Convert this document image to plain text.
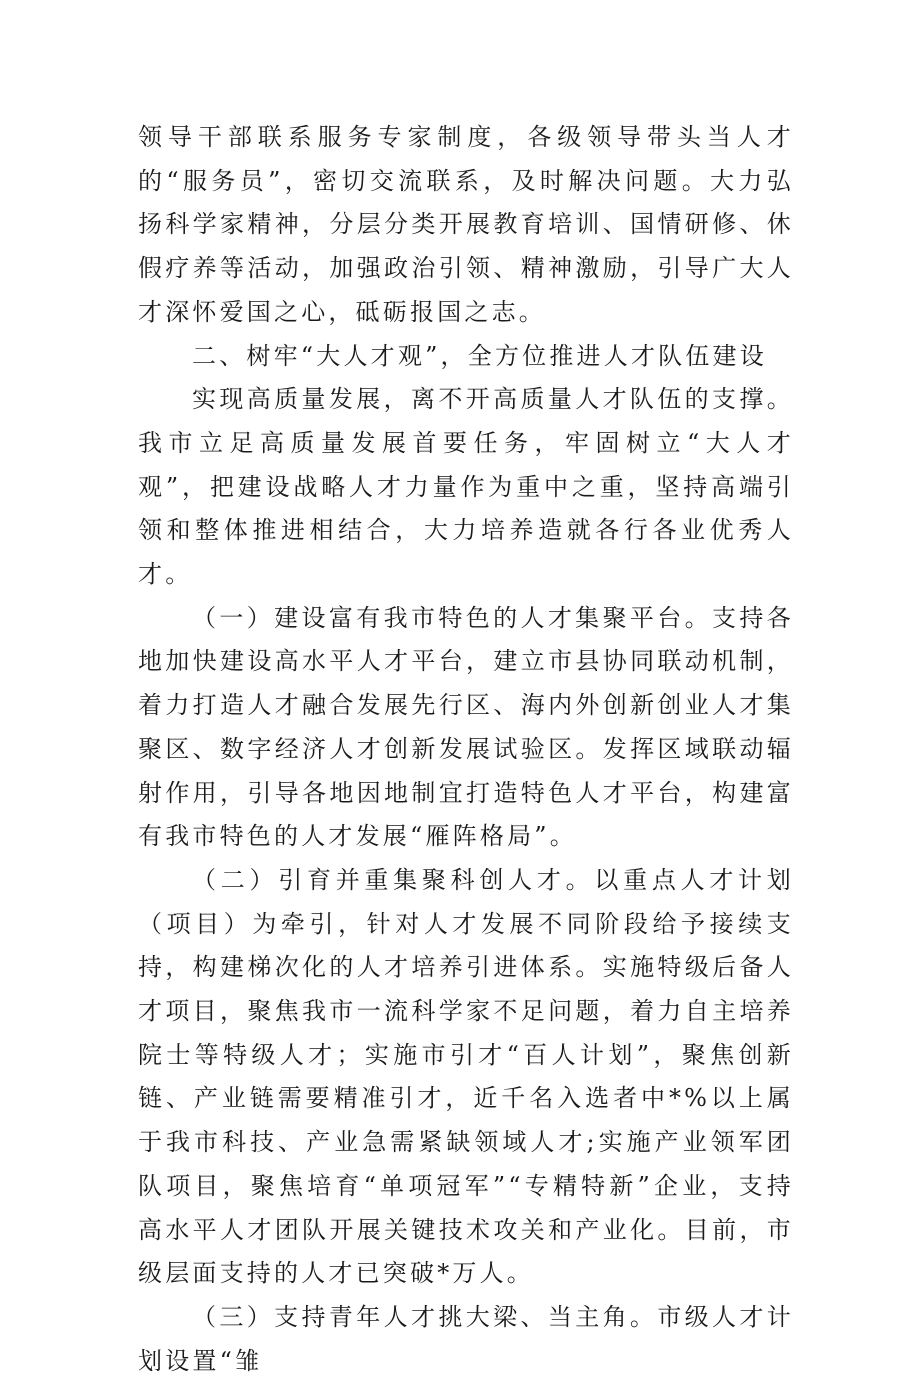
领导干部联系服务专家制度，各级领导带头当人才的“服务员”，密切交流联系，及时解决问题。大力弘扬科学家精神，分层分类开展教育培训、国情研修、休假疗养等活动，加强政治引领、精神激励，引导广大人才深怀爱国之心，砥砺报国之志。

二、树牢“大人才观”，全方位推进人才队伍建设

实现高质量发展，离不开高质量人才队伍的支撑。我市立足高质量发展首要任务，牢固树立“大人才观”，把建设战略人才力量作为重中之重，坚持高端引领和整体推进相结合，大力培养造就各行各业优秀人才。

（一）建设富有我市特色的人才集聚平台。支持各地加快建设高水平人才平台，建立市县协同联动机制，着力打造人才融合发展先行区、海内外创新创业人才集聚区、数字经济人才创新发展试验区。发挥区域联动辐射作用，引导各地因地制宜打造特色人才平台，构建富有我市特色的人才发展“雁阵格局”。

（二）引育并重集聚科创人才。以重点人才计划（项目）为牵引，针对人才发展不同阶段给予接续支持，构建梯次化的人才培养引进体系。实施特级后备人才项目，聚焦我市一流科学家不足问题，着力自主培养院士等特级人才；实施市引才“百人计划”，聚焦创新链、产业链需要精准引才，近千名入选者中*%以上属于我市科技、产业急需紧缺领域人才;实施产业领军团队项目，聚焦培育“单项冠军”“专精特新”企业，支持高水平人才团队开展关键技术攻关和产业化。目前，市级层面支持的人才已突破*万人。

（三）支持青年人才挑大梁、当主角。市级人才计划设置“雏
